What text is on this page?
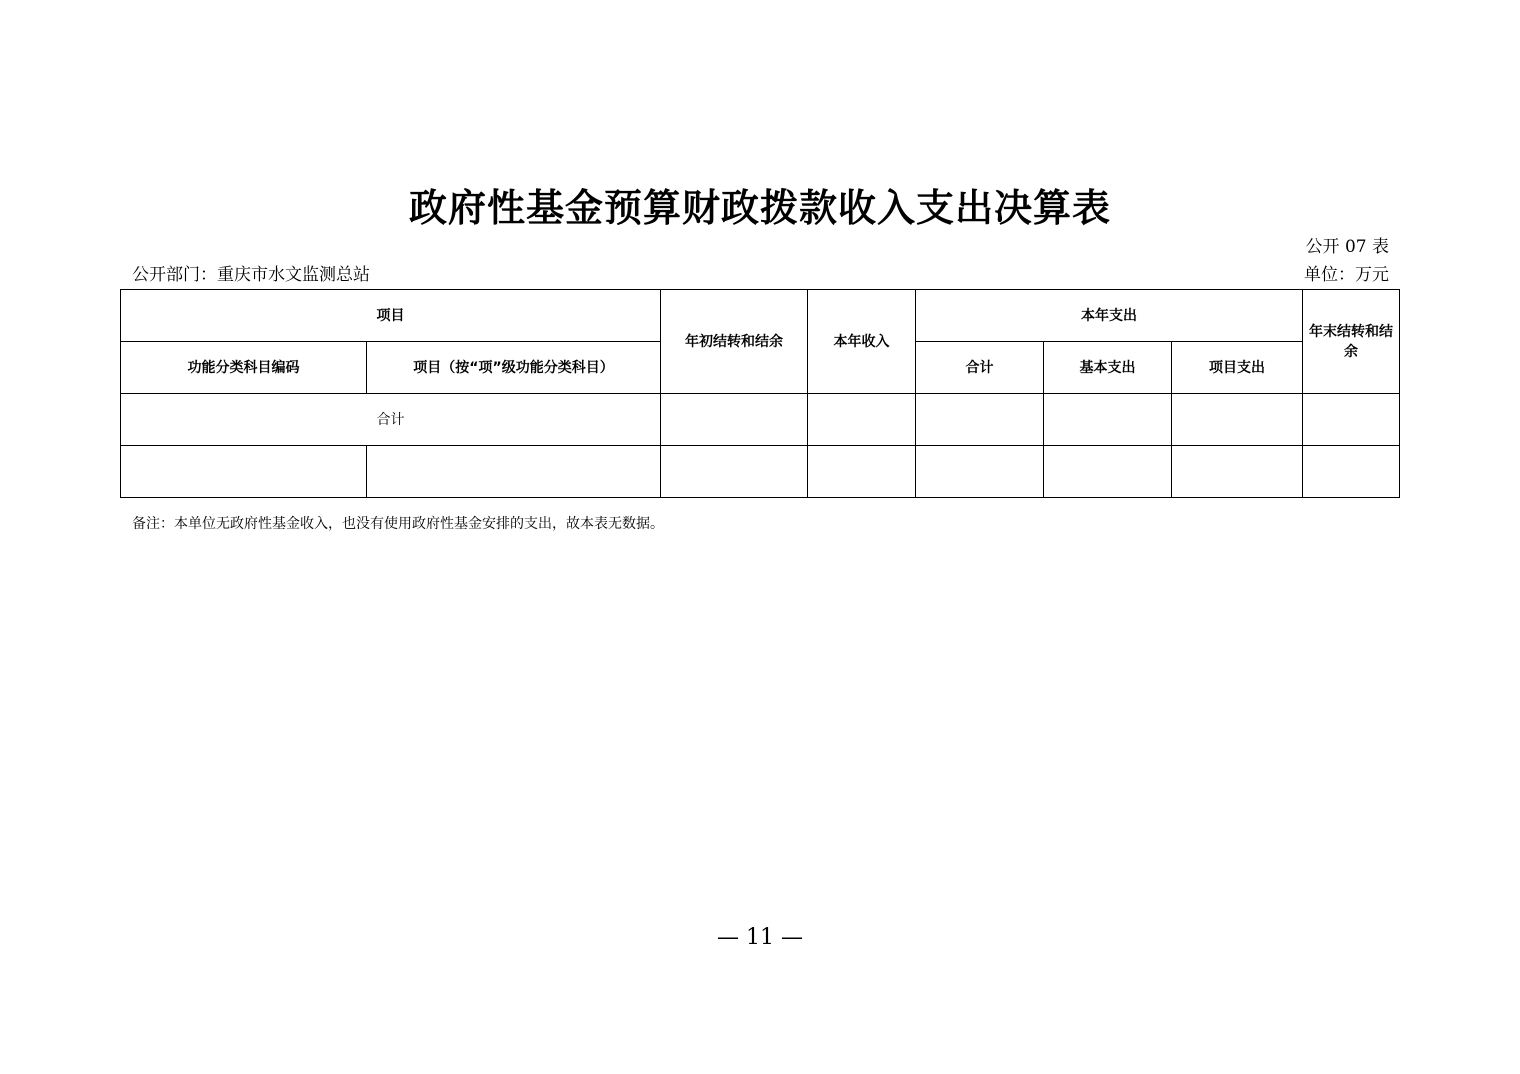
政府性基金预算财政拨款收入支出决算表
公开 07 表
公开部门：重庆市水文监测总站	单位：万元
项目		年初结转和结余	本年收入	本年支出			年末结转和结余
功能分类科目编码	项目（按“项”级功能分类科目）			合计	基本支出	项目支出	
合计							

备注：本单位无政府性基金收入，也没有使用政府性基金安排的支出，故本表无数据。
— 11 —
